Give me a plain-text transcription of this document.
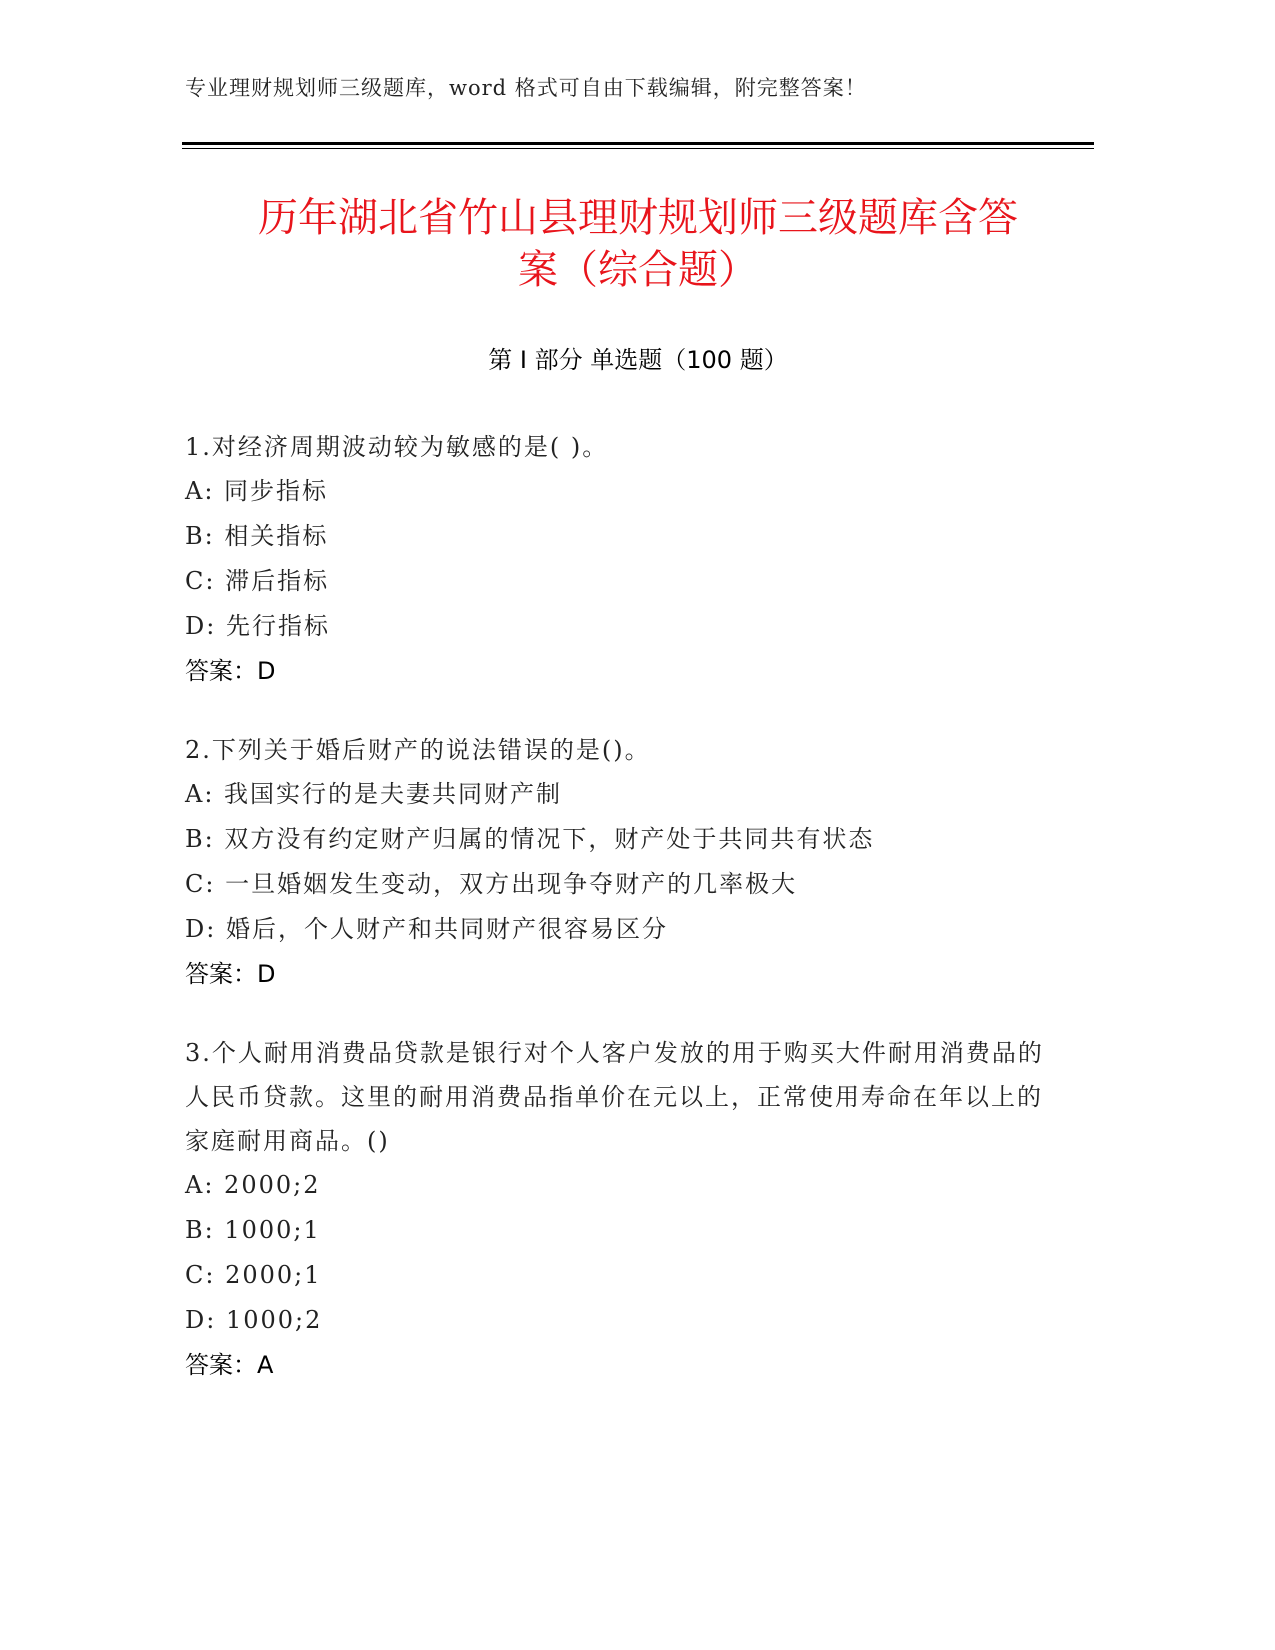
专业理财规划师三级题库，word 格式可自由下载编辑，附完整答案！
历年湖北省竹山县理财规划师三级题库含答案（综合题）
第 I 部分 单选题（100 题）
1.对经济周期波动较为敏感的是( )。
A: 同步指标
B: 相关指标
C: 滞后指标
D: 先行指标
答案：D
2.下列关于婚后财产的说法错误的是()。
A: 我国实行的是夫妻共同财产制
B: 双方没有约定财产归属的情况下，财产处于共同共有状态
C: 一旦婚姻发生变动，双方出现争夺财产的几率极大
D: 婚后，个人财产和共同财产很容易区分
答案：D
3.个人耐用消费品贷款是银行对个人客户发放的用于购买大件耐用消费品的人民币贷款。这里的耐用消费品指单价在元以上，正常使用寿命在年以上的家庭耐用商品。()
A: 2000;2
B: 1000;1
C: 2000;1
D: 1000;2
答案：A
